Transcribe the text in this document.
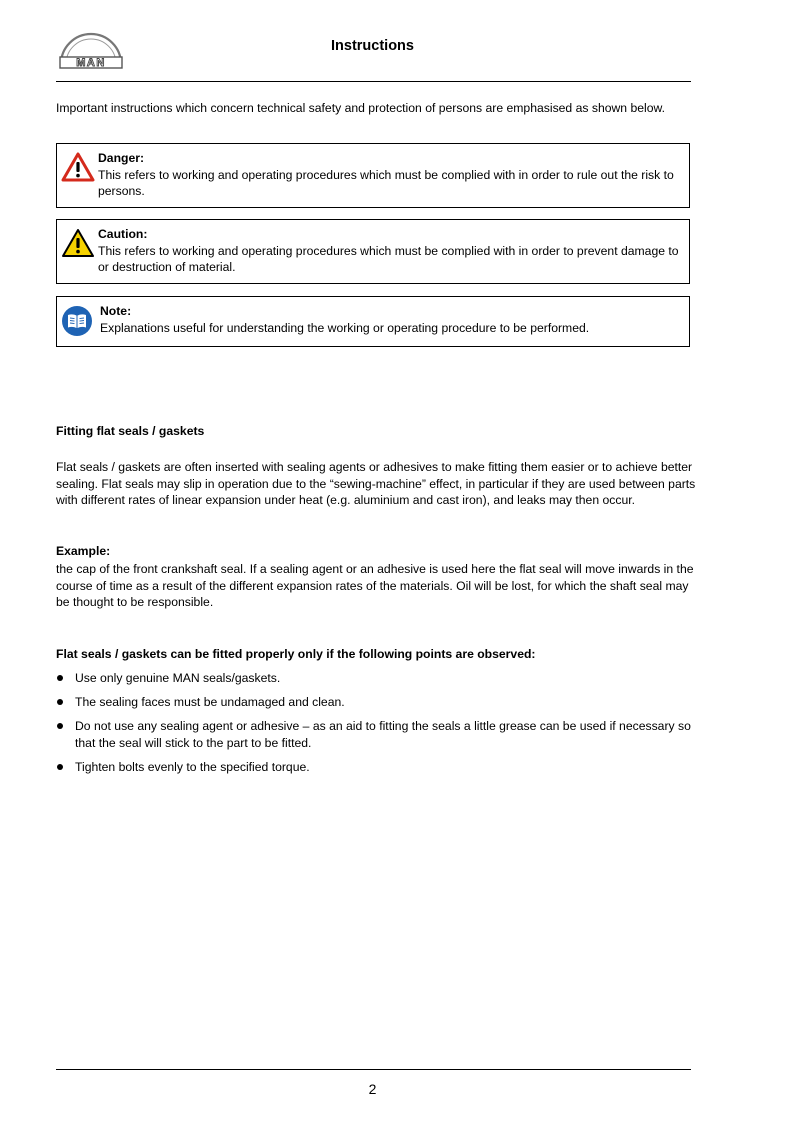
MAN
Instructions
Important instructions which concern technical safety and protection of persons are emphasised as shown below.
Danger:
This refers to working and operating procedures which must be complied with in order to rule out the risk to persons.
Caution:
This refers to working and operating procedures which must be complied with in order to prevent damage to or destruction of material.
Note:
Explanations useful for understanding the working or operating procedure to be performed.
Fitting flat seals / gaskets
Flat seals / gaskets are often inserted with sealing agents or adhesives to make fitting them easier or to achieve better sealing. Flat seals may slip in operation due to the “sewing-machine” effect, in particular if they are used between parts with different rates of linear expansion under heat (e.g. aluminium and cast iron), and leaks may then occur.
Example:
the cap of the front crankshaft seal. If a sealing agent or an adhesive is used here the flat seal will move inwards in the course of time as a result of the different expansion rates of the materials. Oil will be lost, for which the shaft seal may be thought to be responsible.
Flat seals / gaskets can be fitted properly only if the following points are observed:
Use only genuine MAN seals/gaskets.
The sealing faces must be undamaged and clean.
Do not use any sealing agent or adhesive – as an aid to fitting the seals a little grease can be used if necessary so that the seal will stick to the part to be fitted.
Tighten bolts evenly to the specified torque.
2
